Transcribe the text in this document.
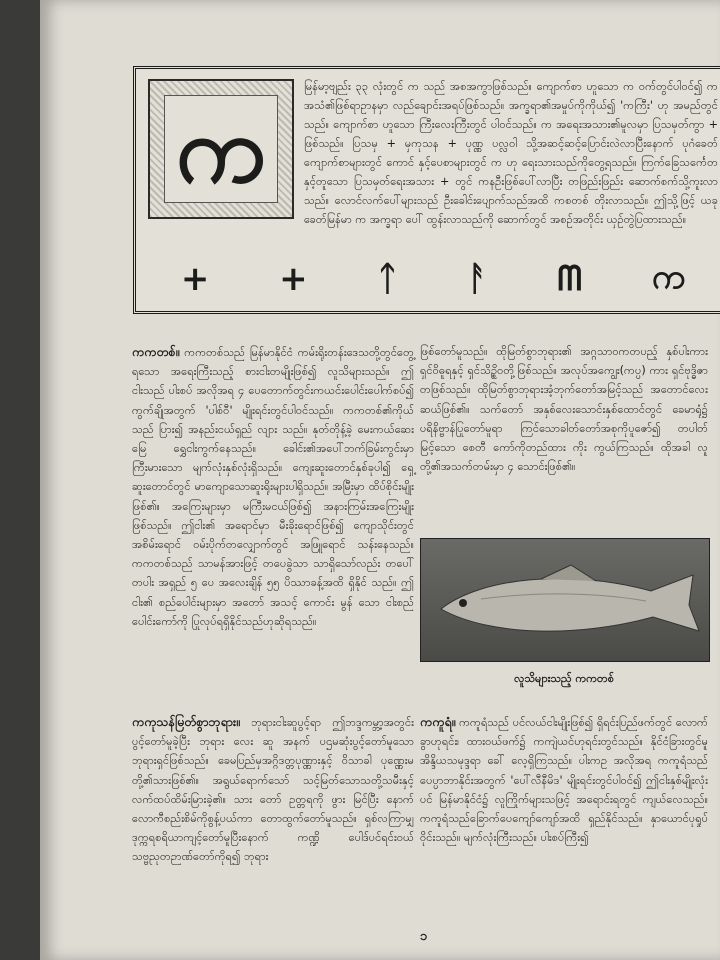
က

မြန်မာ့ဗျည်း ၃၃ လုံးတွင် က သည် အစအကွာဖြစ်သည်။ ကျောက်စာ ဟူသော က ဝက်တွင်ပါဝင်၍ က အသံ၏ဖြစ်ရာဥာနမှာ လည်ချောင်းအရပ်ဖြစ်သည်။ အက္ခရာ၏အမှုပ်ကိုကိုယ်၍ 'ကကြီး' ဟု အမည်တွင်သည်။ ကျောက်စာ ဟူသော ကြီးလေးကြီးတွင် ပါဝင်သည်။ က အရေးအသား၏မူလမှာ ပြသမှတ်ကွာ + ဖြစ်သည်။ ပြသမှ + မှကုသန + ပုဏ္ဏ ပလ္လဝါ သို့အဆင့်ဆင့်ပြောင်းလဲလာပြီးနောက် ပုဂံခေတ်ကျောက်စာများတွင် ကောင် နှင့်ပေစာများတွင် က ဟု ရေးသားသည်ကိုတွေ့ရသည်။ ကြက်ခြေသင်္ကေတနှင့်တူသော ပြသမှတ်ရေးအသား + တွင် ကနဦးဖြစ်ပေါ်လာပြီး တဖြည်းဖြည်း ဆောက်စက်သို့ကူးလာသည်။ လောင်လက်ပေါ်များသည် ဦးခေါင်းပျောက်သည်အထိ ကစတစ် တိုးလာသည်။ ဤသို့ဖြင့် ယခုခေတ်မြန်မာ က အက္ခရာ ပေါ် ထွန်းလာသည်ကို ဆောက်တွင် အစဉ်အတိုင်း ယှဉ်တွဲပြထားသည်။

+ + ᛏ ᚨ ᗰ က

ကကတစ်။ ကကတစ်သည် မြန်မာနိုင်ငံ ကမ်းရိုးတန်းဒေသတို့တွင်တွေ့ရသော အရေးကြီးသည့် စားငါးတမျိုးဖြစ်၍ လူသိများသည်။ ဤငါးသည် ပါးစပ် အလိုအရ ၄ ပေတောက်တွင်းကယင်းပေါင်းပေါက်စပ်၍ ကွက်ချိုအတွက် 'ပါစ်ဝီ' မျိုးရင်းတွင်ပါဝင်သည်။ ကကတစ်၏ကိုယ်သည် ပြား၍ အနည်းငယ်ရှည် လျား သည်။ နုတ်တိုန့်ခဲ့ မေးကယ်ဆေးမြေ ရွှေငါးကွက်နေသည်။ ခေါင်း၏အပေါ်ဘက်ခြမ်းကွင်းမှာ ကြီးမားသော မျက်လုံးနှစ်လုံးရှိသည်။ ကျေးဆူးတောင်နှစ်ခုပါ၍ ရှေ့ဆူးတောင်တွင် မာကျောသောဆူးရိုးများပါရှိသည်။ အမြီးမှာ ထိပ်စိုင်းမျိုးဖြစ်၏။ အကြေးများမှာ မကြီးမငယ်ဖြစ်၍ အနားကြမ်းအကြေးမျိုးဖြစ်သည်။ ဤငါး၏ အရောင်မှာ မီးခိုးရောင်ဖြစ်၍ ကျောသိုင်းတွင် အစိမ်းရောင် ဝမ်းပိုက်တလျှောက်တွင် အဖြူရောင် သန်းနေသည်။ ကကတစ်သည် သာမန်အားဖြင့် တပေခွဲသာ သာရှိသော်လည်း တပေါ်တပါး အရှည် ၅ ပေ အလေးချိန် ၅၅ ပိဿာခန့်အထိ ရှိနိုင် သည်။ ဤငါး၏ စည်ပေါင်းများမှာ အတော် အသင့် ကောင်း မွန် သော ငါးစည်ပေါင်းကော်ကို ပြုလုပ်ရရှိနိုင်သည်ဟုဆိုရသည်။

ကကုသန်မြတ်စွာဘုရား။ ဘုရားငါးဆူပွင့်ရာ ဤဘဒ္ဒကမ္ဘာ့အတွင်း ပွင့်တော်မူခဲ့ပြီး ဘုရား လေး ဆူ အနက် ပဌမဆုံးပွင့်တော်မူသော ဘုရားရှင်ဖြစ်သည်။ ခေမပြည်မှအဂ္ဂိဒတ္တပုဏ္ဏားနှင့် ဝိသာခါ ပုဏ္ဏေးမတို့၏သားဖြစ်၏။ အရွယ်ရောက်သော် သင့်မြတ်သောသတို့သမီးနှင့် လက်ထပ်ထိမ်းမြားခဲ့၏။ သား တော် ဥတ္တရကို ဖွား မြင်ပြီး နောက် လောကီစည်းစိမ်ကိုစွန့်ပယ်ကာ တောထွက်တော်မူသည်။ ရှစ်လကြာမျှ ဒုက္ကရစရိယာကျင့်တော်မူပြီးနောက် ကဏ္ဍိ ပေါဒ်ပင်ရင်းဝယ်သဗ္ဗညုတဉာဏ်တော်ကိုရ၍ ဘုရား

ဖြစ်တော်မူသည်။ ထိုမြတ်စွာဘုရား၏ အဂ္ဂသာဝကတပည့် နှစ်ပါးကား ရှင်ဝိဓူရနှင့် ရှင်သိဉ္စိဝတို့ဖြစ်သည်။ အလုပ်အကျွေး(ကပ္ပ) ကား ရှင်ဗုဒ္ဓိဇာတဖြစ်သည်။ ထိုမြတ်စွာဘုရားအံ့ဘုက်တော်အမြင့်သည် အတောင်လေးဆယ်ဖြစ်၏။ သက်တော် အနှစ်လေးသောင်းနှစ်ထောင်တွင် ခေမာရုံ၌ ပရိနိဗ္ဗာန်ပြုတော်မူရာ ကြင်သောခါတ်တော်အစုကိုပူဇော်၍ တပါတ်မြင့်သော စေတီ ကော်ကိုတည်ထား ကိုး ကွယ်ကြသည်။ ထိုအခါ လူတို့၏အသက်တမ်းမှာ ၄ သောင်းဖြစ်၏။

လူသိများသည့် ကကတစ်

ကကူရံ။ ကကူရံသည် ပင်လယ်ငါးမျိုးဖြစ်၍ ရှိရင်းပြည်ဖက်တွင် လောက်ခွာဟုရင်း၊ ထားဝယ်ဖက်၌ ကကျဲယင်ဟုရင်းတွင်သည်။ နိုင်ငံခြားတွင်မူ အိန္ဒိယသမုဒ္ဒရာ ခေါ် လေ့ရှိကြသည်။ ပါးကဥ အလိုအရ ကကူရံသည် ပေပ္ပာဘာနိုင်းအတွက် 'ပေါ်လီနီမိဒ' မျိုးရင်းတွင်ပါဝင်၍ ဤငါးနှစ်မျိုးလုံးပင် မြန်မာနိုင်ငံ၌ လူကြိုက်များသဖြင့် အရောင်းရတွင် ကျယ်လေသည်။ ကကူရံသည်ခြောက်ပေကျော်ကျော်အထိ ရှည်နိုင်သည်။ နှာယောင်ပုရှုပ် ဝိုင်းသည်။ မျက်လုံးကြီးသည်။ ပါးစပ်ကြီး၍

၁
